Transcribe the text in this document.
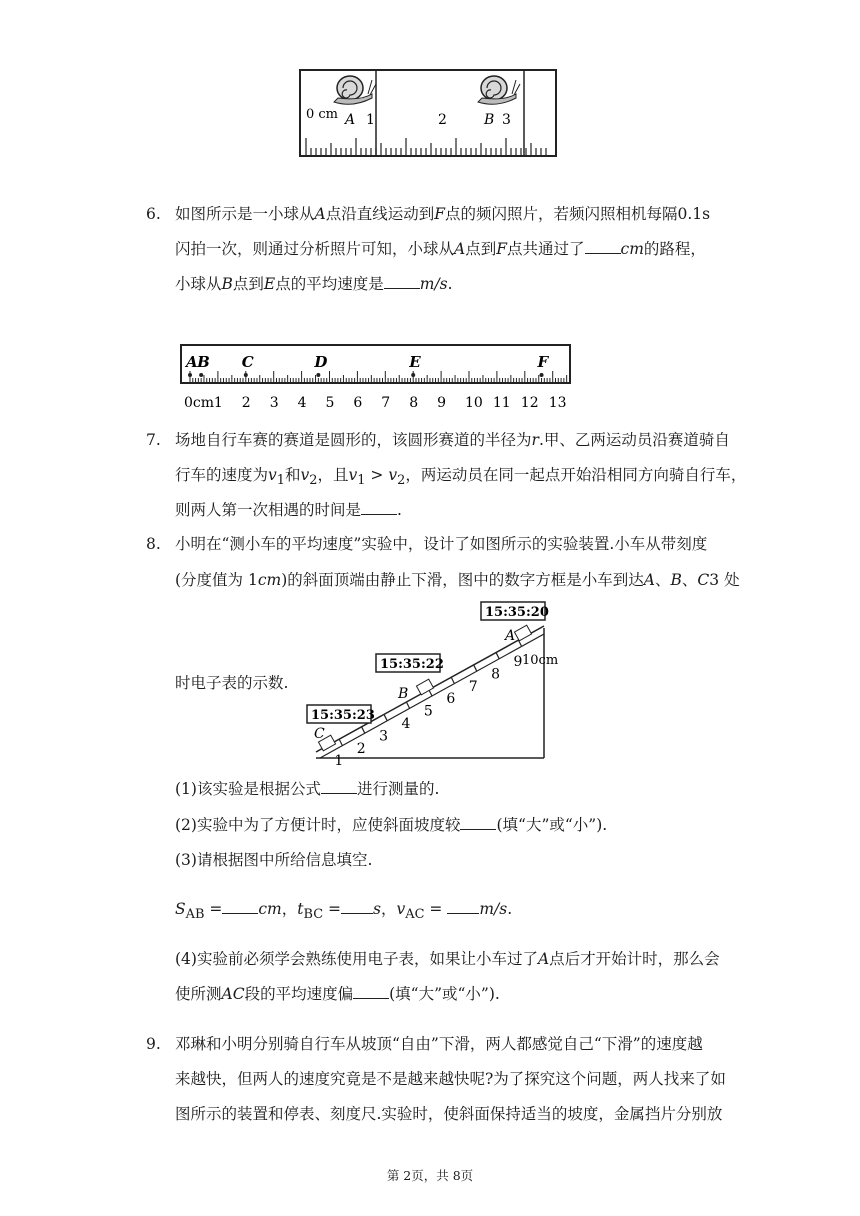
0 cm A 1	2	B 3
6. 如图所示是一小球从A点沿直线运动到F点的频闪照片，若频闪照相机每隔0.1s
闪拍一次，则通过分析照片可知，小球从A点到F点共通过了 cm的路程，
小球从B点到E点的平均速度是 m/s.
A B C	D	E	F
0cm 1 2 3 4 5 6 7 8 9 10 11 12 13
7. 场地自行车赛的赛道是圆形的，该圆形赛道的半径为r.甲、乙两运动员沿赛道骑自
行车的速度为$v_1$和$v_2$，且$v_1 > v_2$，两运动员在同一起点开始沿相同方向骑自行车，
则两人第一次相遇的时间是 .
8. 小明在“测小车的平均速度”实验中，设计了如图所示的实验装置.小车从带刻度
(分度值为 1cm)的斜面顶端由静止下滑，图中的数字方框是小车到达A、B、C3 处
15:35:20
15:35:22
15:35:23
A
B
C
10cm
1
2
3
4
5
6
7
8
9
时电子表的示数.
(1)该实验是根据公式 进行测量的.
(2)实验中为了方便计时，应使斜面坡度较 (填“大”或“小”).
(3)请根据图中所给信息填空.
$S_{AB}$ = cm，$t_{BC} = s$，$v_{AC} = m/s$.
(4)实验前必须学会熟练使用电子表，如果让小车过了A点后才开始计时，那么会
使所测AC段的平均速度偏 (填“大”或“小”).
9. 邓琳和小明分别骑自行车从坡顶“自由”下滑，两人都感觉自己“下滑”的速度越
来越快，但两人的速度究竟是不是越来越快呢?为了探究这个问题，两人找来了如
图所示的装置和停表、刻度尺.实验时，使斜面保持适当的坡度，金属挡片分别放
第 2页，共 8页
